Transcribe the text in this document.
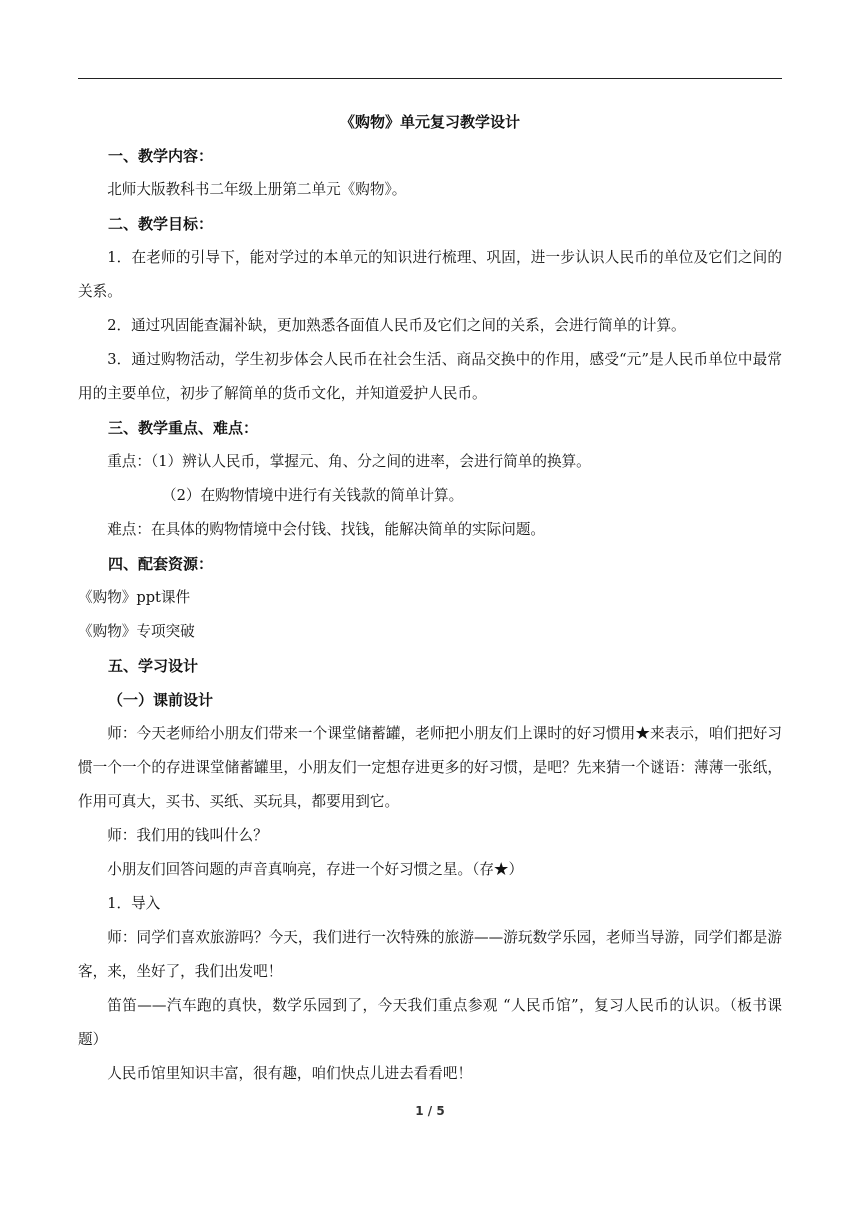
《购物》单元复习教学设计

一、教学内容：

北师大版教科书二年级上册第二单元《购物》。

二、教学目标：

1．在老师的引导下，能对学过的本单元的知识进行梳理、巩固，进一步认识人民币的单位及它们之间的关系。

2．通过巩固能查漏补缺，更加熟悉各面值人民币及它们之间的关系，会进行简单的计算。

3．通过购物活动，学生初步体会人民币在社会生活、商品交换中的作用，感受“元”是人民币单位中最常用的主要单位，初步了解简单的货币文化，并知道爱护人民币。

三、教学重点、难点：

重点：（1）辨认人民币，掌握元、角、分之间的进率，会进行简单的换算。

（2）在购物情境中进行有关钱款的简单计算。

难点：在具体的购物情境中会付钱、找钱，能解决简单的实际问题。

四、配套资源：

《购物》ppt课件

《购物》专项突破

五、学习设计

（一）课前设计

师：今天老师给小朋友们带来一个课堂储蓄罐，老师把小朋友们上课时的好习惯用★来表示，咱们把好习惯一个一个的存进课堂储蓄罐里，小朋友们一定想存进更多的好习惯，是吧？先来猜一个谜语：薄薄一张纸，作用可真大，买书、买纸、买玩具，都要用到它。

师：我们用的钱叫什么？

小朋友们回答问题的声音真响亮，存进一个好习惯之星。（存★）

1．导入

师：同学们喜欢旅游吗？今天，我们进行一次特殊的旅游——游玩数学乐园，老师当导游，同学们都是游客，来，坐好了，我们出发吧！

笛笛——汽车跑的真快，数学乐园到了，今天我们重点参观 “人民币馆”，复习人民币的认识。（板书课题）

人民币馆里知识丰富，很有趣，咱们快点儿进去看看吧！

1 / 5
